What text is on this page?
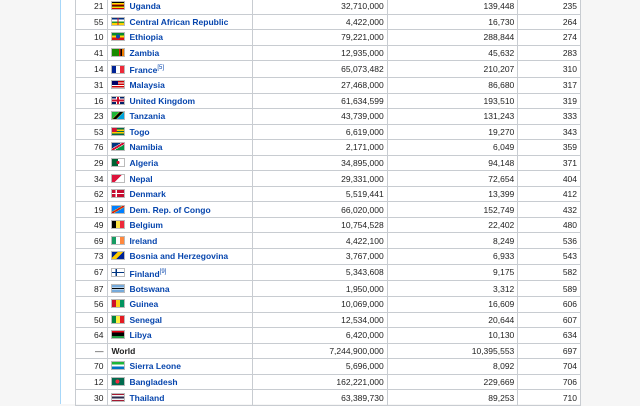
21	Uganda	32,710,000	139,448	235
55	Central African Republic	4,422,000	16,730	264
10	Ethiopia	79,221,000	288,844	274
41	Zambia	12,935,000	45,632	283
14	France[5]	65,073,482	210,207	310
31	Malaysia	27,468,000	86,680	317
16	United Kingdom	61,634,599	193,510	319
23	Tanzania	43,739,000	131,243	333
53	Togo	6,619,000	19,270	343
76	Namibia	2,171,000	6,049	359
29	Algeria	34,895,000	94,148	371
34	Nepal	29,331,000	72,654	404
62	Denmark	5,519,441	13,399	412
19	Dem. Rep. of Congo	66,020,000	152,749	432
49	Belgium	10,754,528	22,402	480
69	Ireland	4,422,100	8,249	536
73	Bosnia and Herzegovina	3,767,000	6,933	543
67	Finland[9]	5,343,608	9,175	582
87	Botswana	1,950,000	3,312	589
56	Guinea	10,069,000	16,609	606
50	Senegal	12,534,000	20,644	607
64	Libya	6,420,000	10,130	634
—	World	7,244,900,000	10,395,553	697
70	Sierra Leone	5,696,000	8,092	704
12	Bangladesh	162,221,000	229,669	706
30	Thailand	63,389,730	89,253	710
